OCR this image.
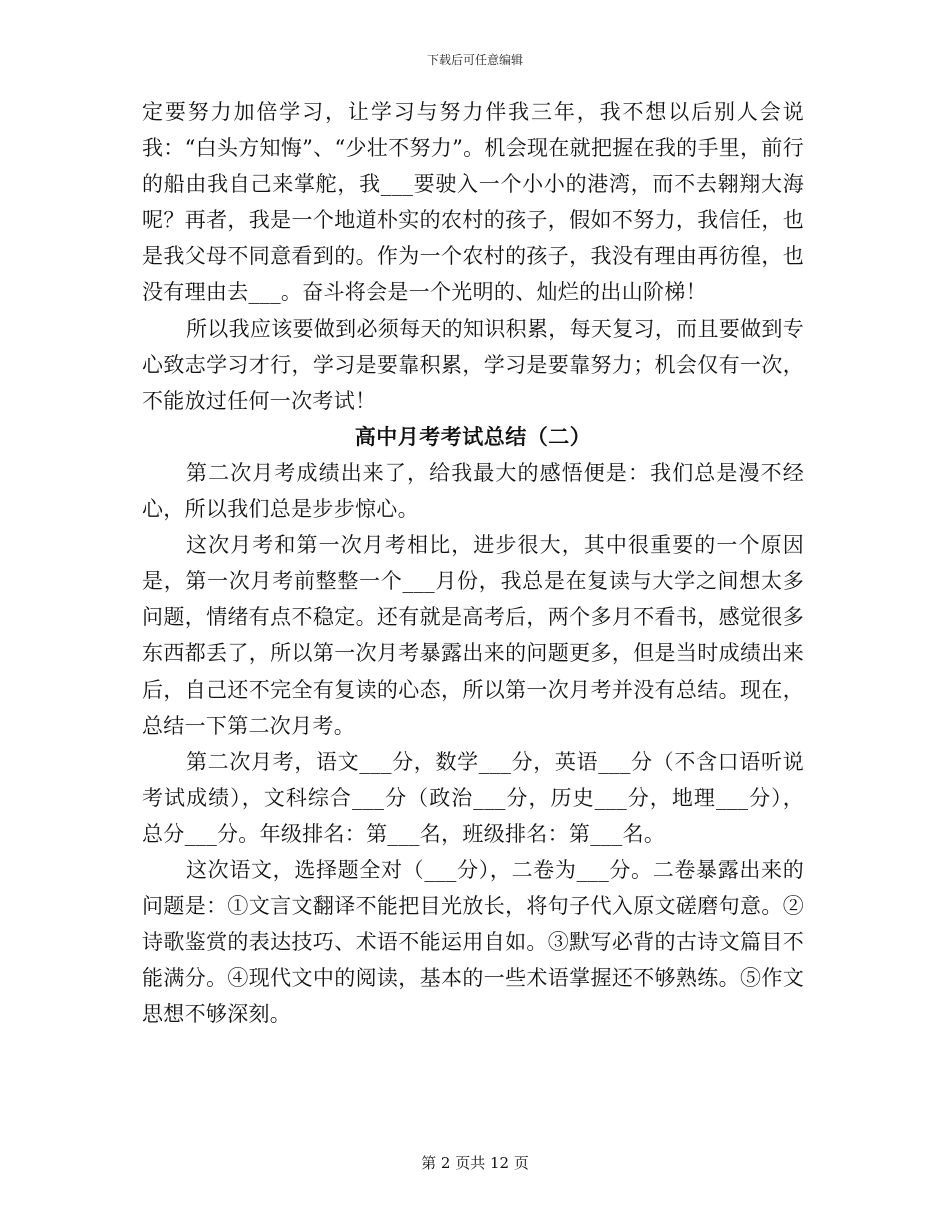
下载后可任意编辑

定要努力加倍学习，让学习与努力伴我三年，我不想以后别人会说我：“白头方知悔”、“少壮不努力”。机会现在就把握在我的手里，前行的船由我自己来掌舵，我___要驶入一个小小的港湾，而不去翱翔大海呢？再者，我是一个地道朴实的农村的孩子，假如不努力，我信任，也是我父母不同意看到的。作为一个农村的孩子，我没有理由再彷徨，也没有理由去___。奋斗将会是一个光明的、灿烂的出山阶梯！

所以我应该要做到必须每天的知识积累，每天复习，而且要做到专心致志学习才行，学习是要靠积累，学习是要靠努力；机会仅有一次，不能放过任何一次考试！

高中月考考试总结（二）

第二次月考成绩出来了，给我最大的感悟便是：我们总是漫不经心，所以我们总是步步惊心。

这次月考和第一次月考相比，进步很大，其中很重要的一个原因是，第一次月考前整整一个___月份，我总是在复读与大学之间想太多问题，情绪有点不稳定。还有就是高考后，两个多月不看书，感觉很多东西都丢了，所以第一次月考暴露出来的问题更多，但是当时成绩出来后，自己还不完全有复读的心态，所以第一次月考并没有总结。现在，总结一下第二次月考。

第二次月考，语文___分，数学___分，英语___分（不含口语听说考试成绩），文科综合___分（政治___分，历史___分，地理___分），总分___分。年级排名：第___名，班级排名：第___名。

这次语文，选择题全对（___分），二卷为___分。二卷暴露出来的问题是：①文言文翻译不能把目光放长，将句子代入原文磋磨句意。②诗歌鉴赏的表达技巧、术语不能运用自如。③默写必背的古诗文篇目不能满分。④现代文中的阅读，基本的一些术语掌握还不够熟练。⑤作文思想不够深刻。

第 2 页共 12 页
